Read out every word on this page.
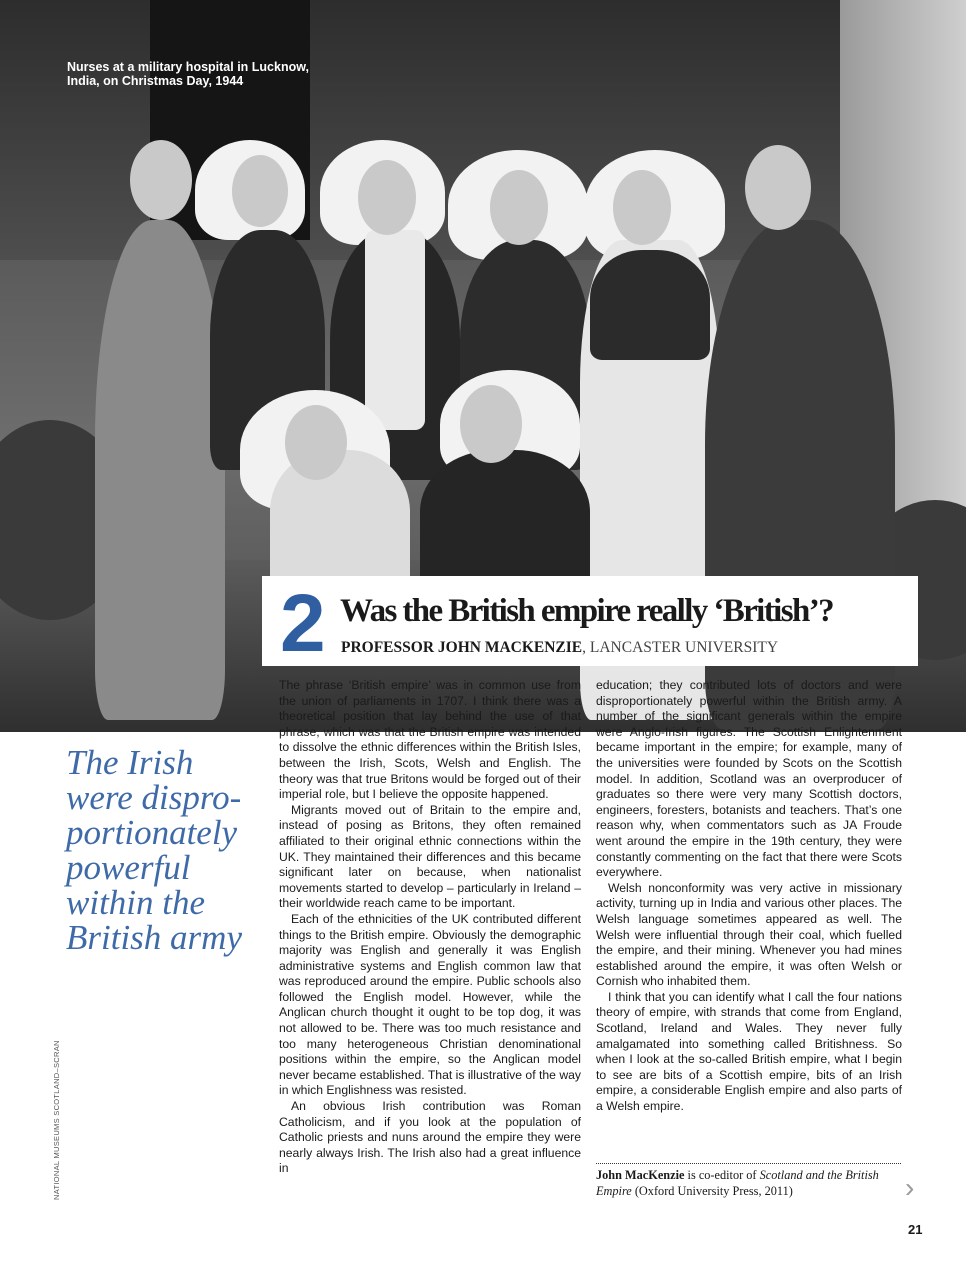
Nurses at a military hospital in Lucknow, India, on Christmas Day, 1944
2 Was the British empire really ‘British’?
PROFESSOR JOHN MACKENZIE, LANCASTER UNIVERSITY
The Irish were dispro-portionately powerful within the British army
NATIONAL MUSEUMS SCOTLAND–SCRAN

The phrase ‘British empire’ was in common use from the union of parliaments in 1707. I think there was a theoretical position that lay behind the use of that phrase, which was that the British empire was intended to dissolve the ethnic differences within the British Isles, between the Irish, Scots, Welsh and English. The theory was that true Britons would be forged out of their imperial role, but I believe the opposite happened.

Migrants moved out of Britain to the empire and, instead of posing as Britons, they often remained affiliated to their original ethnic connections within the UK. They maintained their differences and this became significant later on because, when nationalist movements started to develop – particularly in Ireland – their worldwide reach came to be important.

Each of the ethnicities of the UK contributed different things to the British empire. Obviously the demographic majority was English and generally it was English administrative systems and English common law that was reproduced around the empire. Public schools also followed the English model. However, while the Anglican church thought it ought to be top dog, it was not allowed to be. There was too much resistance and too many heterogeneous Christian denominational positions within the empire, so the Anglican model never became established. That is illustrative of the way in which Englishness was resisted.

An obvious Irish contribution was Roman Catholicism, and if you look at the population of Catholic priests and nuns around the empire they were nearly always Irish. The Irish also had a great influence in

education; they contributed lots of doctors and were disproportionately powerful within the British army. A number of the significant generals within the empire were Anglo-Irish figures. The Scottish Enlightenment became important in the empire; for example, many of the universities were founded by Scots on the Scottish model. In addition, Scotland was an overproducer of graduates so there were very many Scottish doctors, engineers, foresters, botanists and teachers. That’s one reason why, when commentators such as JA Froude went around the empire in the 19th century, they were constantly commenting on the fact that there were Scots everywhere.

Welsh nonconformity was very active in missionary activity, turning up in India and various other places. The Welsh language sometimes appeared as well. The Welsh were influential through their coal, which fuelled the empire, and their mining. Whenever you had mines established around the empire, it was often Welsh or Cornish who inhabited them.

I think that you can identify what I call the four nations theory of empire, with strands that come from England, Scotland, Ireland and Wales. They never fully amalgamated into something called Britishness. So when I look at the so-called British empire, what I begin to see are bits of a Scottish empire, bits of an Irish empire, a considerable English empire and also parts of a Welsh empire.

John MacKenzie is co-editor of Scotland and the British Empire (Oxford University Press, 2011)	›
21
